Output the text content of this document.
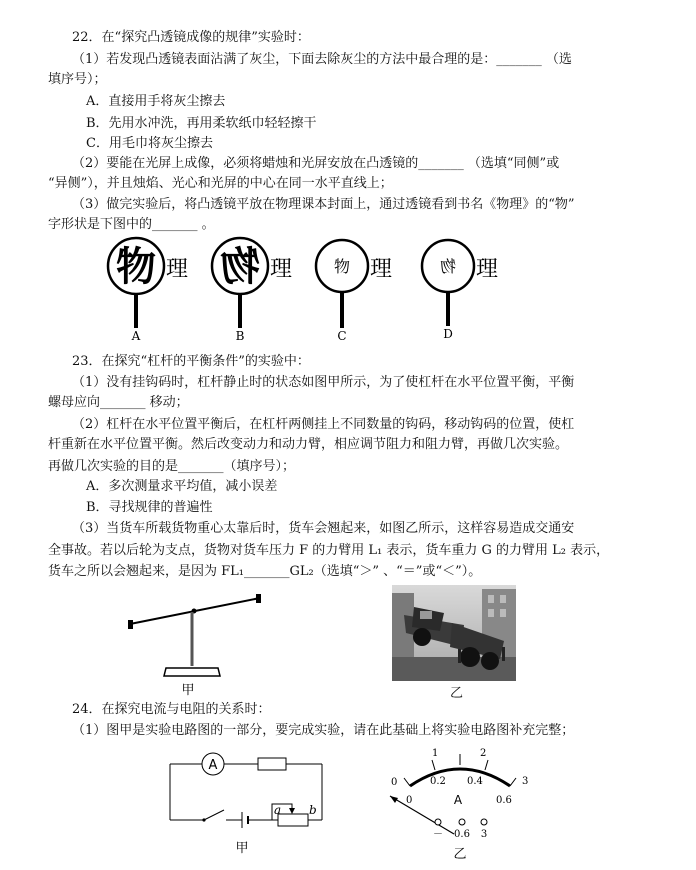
22．在“探究凸透镜成像的规律”实验时：
（1）若发现凸透镜表面沾满了灰尘，下面去除灰尘的方法中最合理的是：_______ （选
填序号）；
A．直接用手将灰尘擦去
B．先用水冲洗，再用柔软纸巾轻轻擦干
C．用毛巾将灰尘擦去
（2）要能在光屏上成像，必须将蜡烛和光屏安放在凸透镜的_______ （选填“同侧”或
“异侧”），并且烛焰、光心和光屏的中心在同一水平直线上；
（3）做完实验后，将凸透镜平放在物理课本封面上，通过透镜看到书名《物理》的“物”
字形状是下图中的_______ 。
物 理
A
物 理
B
物 理
C
物 理
D
23．在探究“杠杆的平衡条件”的实验中：
（1）没有挂钩码时，杠杆静止时的状态如图甲所示，为了使杠杆在水平位置平衡，平衡
螺母应向_______ 移动；
（2）杠杆在水平位置平衡后，在杠杆两侧挂上不同数量的钩码，移动钩码的位置，使杠
杆重新在水平位置平衡。然后改变动力和动力臂，相应调节阻力和阻力臂，再做几次实验。
再做几次实验的目的是_______（填序号）；
A．多次测量求平均值，减小误差
B．寻找规律的普遍性
（3）当货车所载货物重心太靠后时，货车会翘起来，如图乙所示，这样容易造成交通安
全事故。若以后轮为支点，货物对货车压力 F 的力臂用 L₁ 表示，货车重力 G 的力臂用 L₂ 表示，
货车之所以会翘起来，是因为 FL₁_______GL₂（选填“＞” 、“＝”或“＜”）。
甲	乙
24．在探究电流与电阻的关系时：
（1）图甲是实验电路图的一部分，要完成实验，请在此基础上将实验电路图补充完整；
A
a b
甲
0
1	2
3
0
0.2 0.4
0.6
A
－ 0.6 3
乙
